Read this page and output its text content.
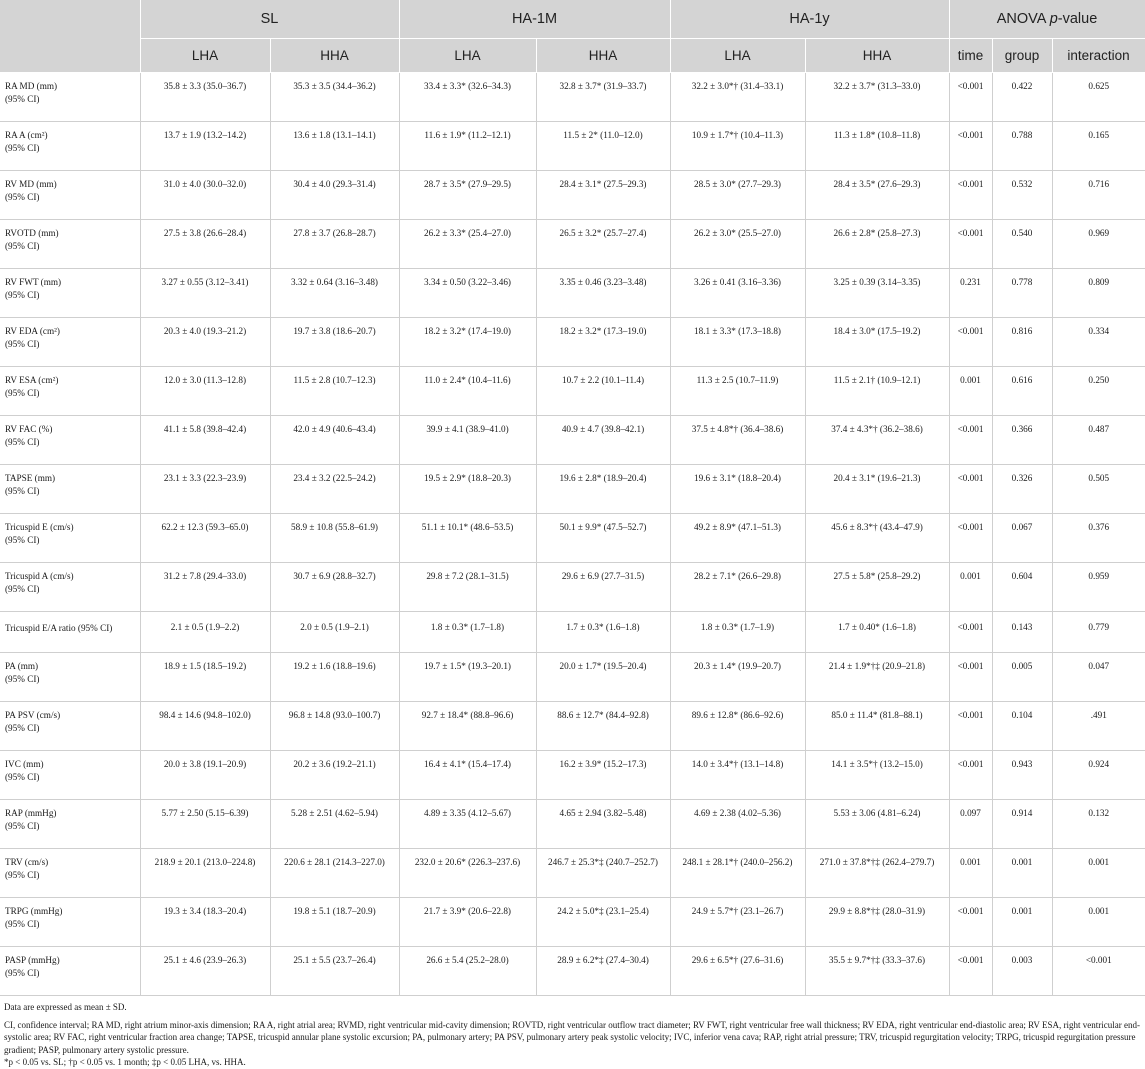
	SL		HA-1M		HA-1y		ANOVA p-value		
	LHA	HHA	LHA	HHA	LHA	HHA	time	group	interaction
RA MD (mm)
(95% CI)	35.8 ± 3.3 (35.0–36.7)	35.3 ± 3.5 (34.4–36.2)	33.4 ± 3.3* (32.6–34.3)	32.8 ± 3.7* (31.9–33.7)	32.2 ± 3.0*† (31.4–33.1)	32.2 ± 3.7* (31.3–33.0)	<0.001	0.422	0.625
RA A (cm²)
(95% CI)	13.7 ± 1.9 (13.2–14.2)	13.6 ± 1.8 (13.1–14.1)	11.6 ± 1.9* (11.2–12.1)	11.5 ± 2* (11.0–12.0)	10.9 ± 1.7*† (10.4–11.3)	11.3 ± 1.8* (10.8–11.8)	<0.001	0.788	0.165
RV MD (mm)
(95% CI)	31.0 ± 4.0 (30.0–32.0)	30.4 ± 4.0 (29.3–31.4)	28.7 ± 3.5* (27.9–29.5)	28.4 ± 3.1* (27.5–29.3)	28.5 ± 3.0* (27.7–29.3)	28.4 ± 3.5* (27.6–29.3)	<0.001	0.532	0.716
RVOTD (mm)
(95% CI)	27.5 ± 3.8 (26.6–28.4)	27.8 ± 3.7 (26.8–28.7)	26.2 ± 3.3* (25.4–27.0)	26.5 ± 3.2* (25.7–27.4)	26.2 ± 3.0* (25.5–27.0)	26.6 ± 2.8* (25.8–27.3)	<0.001	0.540	0.969
RV FWT (mm)
(95% CI)	3.27 ± 0.55 (3.12–3.41)	3.32 ± 0.64 (3.16–3.48)	3.34 ± 0.50 (3.22–3.46)	3.35 ± 0.46 (3.23–3.48)	3.26 ± 0.41 (3.16–3.36)	3.25 ± 0.39 (3.14–3.35)	0.231	0.778	0.809
RV EDA (cm²)
(95% CI)	20.3 ± 4.0 (19.3–21.2)	19.7 ± 3.8 (18.6–20.7)	18.2 ± 3.2* (17.4–19.0)	18.2 ± 3.2* (17.3–19.0)	18.1 ± 3.3* (17.3–18.8)	18.4 ± 3.0* (17.5–19.2)	<0.001	0.816	0.334
RV ESA (cm²)
(95% CI)	12.0 ± 3.0 (11.3–12.8)	11.5 ± 2.8 (10.7–12.3)	11.0 ± 2.4* (10.4–11.6)	10.7 ± 2.2 (10.1–11.4)	11.3 ± 2.5 (10.7–11.9)	11.5 ± 2.1† (10.9–12.1)	0.001	0.616	0.250
RV FAC (%)
(95% CI)	41.1 ± 5.8 (39.8–42.4)	42.0 ± 4.9 (40.6–43.4)	39.9 ± 4.1 (38.9–41.0)	40.9 ± 4.7 (39.8–42.1)	37.5 ± 4.8*† (36.4–38.6)	37.4 ± 4.3*† (36.2–38.6)	<0.001	0.366	0.487
TAPSE (mm)
(95% CI)	23.1 ± 3.3 (22.3–23.9)	23.4 ± 3.2 (22.5–24.2)	19.5 ± 2.9* (18.8–20.3)	19.6 ± 2.8* (18.9–20.4)	19.6 ± 3.1* (18.8–20.4)	20.4 ± 3.1* (19.6–21.3)	<0.001	0.326	0.505
Tricuspid E (cm/s)
(95% CI)	62.2 ± 12.3 (59.3–65.0)	58.9 ± 10.8 (55.8–61.9)	51.1 ± 10.1* (48.6–53.5)	50.1 ± 9.9* (47.5–52.7)	49.2 ± 8.9* (47.1–51.3)	45.6 ± 8.3*† (43.4–47.9)	<0.001	0.067	0.376
Tricuspid A (cm/s)
(95% CI)	31.2 ± 7.8 (29.4–33.0)	30.7 ± 6.9 (28.8–32.7)	29.8 ± 7.2 (28.1–31.5)	29.6 ± 6.9 (27.7–31.5)	28.2 ± 7.1* (26.6–29.8)	27.5 ± 5.8* (25.8–29.2)	0.001	0.604	0.959
Tricuspid E/A ratio (95% CI)	2.1 ± 0.5 (1.9–2.2)	2.0 ± 0.5 (1.9–2.1)	1.8 ± 0.3* (1.7–1.8)	1.7 ± 0.3* (1.6–1.8)	1.8 ± 0.3* (1.7–1.9)	1.7 ± 0.40* (1.6–1.8)	<0.001	0.143	0.779
PA (mm)
(95% CI)	18.9 ± 1.5 (18.5–19.2)	19.2 ± 1.6 (18.8–19.6)	19.7 ± 1.5* (19.3–20.1)	20.0 ± 1.7* (19.5–20.4)	20.3 ± 1.4* (19.9–20.7)	21.4 ± 1.9*†‡ (20.9–21.8)	<0.001	0.005	0.047
PA PSV (cm/s)
(95% CI)	98.4 ± 14.6 (94.8–102.0)	96.8 ± 14.8 (93.0–100.7)	92.7 ± 18.4* (88.8–96.6)	88.6 ± 12.7* (84.4–92.8)	89.6 ± 12.8* (86.6–92.6)	85.0 ± 11.4* (81.8–88.1)	<0.001	0.104	.491
IVC (mm)
(95% CI)	20.0 ± 3.8 (19.1–20.9)	20.2 ± 3.6 (19.2–21.1)	16.4 ± 4.1* (15.4–17.4)	16.2 ± 3.9* (15.2–17.3)	14.0 ± 3.4*† (13.1–14.8)	14.1 ± 3.5*† (13.2–15.0)	<0.001	0.943	0.924
RAP (mmHg)
(95% CI)	5.77 ± 2.50 (5.15–6.39)	5.28 ± 2.51 (4.62–5.94)	4.89 ± 3.35 (4.12–5.67)	4.65 ± 2.94 (3.82–5.48)	4.69 ± 2.38 (4.02–5.36)	5.53 ± 3.06 (4.81–6.24)	0.097	0.914	0.132
TRV (cm/s)
(95% CI)	218.9 ± 20.1 (213.0–224.8)	220.6 ± 28.1 (214.3–227.0)	232.0 ± 20.6* (226.3–237.6)	246.7 ± 25.3*‡ (240.7–252.7)	248.1 ± 28.1*† (240.0–256.2)	271.0 ± 37.8*†‡ (262.4–279.7)	0.001	0.001	0.001
TRPG (mmHg)
(95% CI)	19.3 ± 3.4 (18.3–20.4)	19.8 ± 5.1 (18.7–20.9)	21.7 ± 3.9* (20.6–22.8)	24.2 ± 5.0*‡ (23.1–25.4)	24.9 ± 5.7*† (23.1–26.7)	29.9 ± 8.8*†‡ (28.0–31.9)	<0.001	0.001	0.001
PASP (mmHg)
(95% CI)	25.1 ± 4.6 (23.9–26.3)	25.1 ± 5.5 (23.7–26.4)	26.6 ± 5.4 (25.2–28.0)	28.9 ± 6.2*‡ (27.4–30.4)	29.6 ± 6.5*† (27.6–31.6)	35.5 ± 9.7*†‡ (33.3–37.6)	<0.001	0.003	<0.001

Data are expressed as mean ± SD.

CI, confidence interval; RA MD, right atrium minor-axis dimension; RA A, right atrial area; RVMD, right ventricular mid-cavity dimension; ROVTD, right ventricular outflow tract diameter; RV FWT, right ventricular free wall thickness; RV EDA, right ventricular end-diastolic area; RV ESA, right ventricular end-systolic area; RV FAC, right ventricular fraction area change; TAPSE, tricuspid annular plane systolic excursion; PA, pulmonary artery; PA PSV, pulmonary artery peak systolic velocity; IVC, inferior vena cava; RAP, right atrial pressure; TRV, tricuspid regurgitation velocity; TRPG, tricuspid regurgitation pressure gradient; PASP, pulmonary artery systolic pressure.

*p < 0.05 vs. SL; †p < 0.05 vs. 1 month; ‡p < 0.05 LHA, vs. HHA.
